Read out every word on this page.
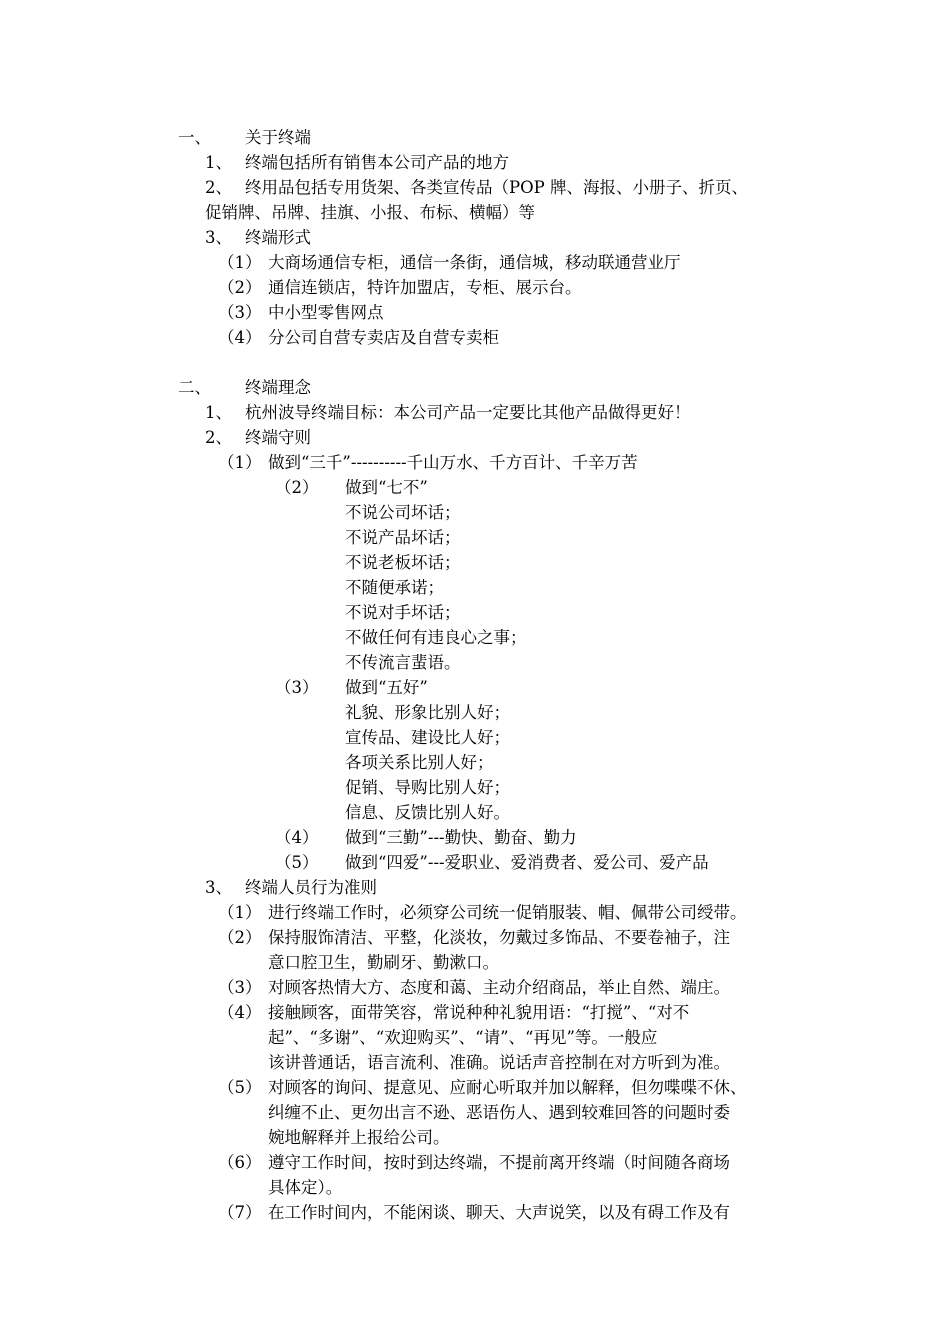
一、 关于终端
1、 终端包括所有销售本公司产品的地方
2、 终用品包括专用货架、各类宣传品（POP 牌、海报、小册子、折页、
促销牌、吊牌、挂旗、小报、布标、横幅）等
3、 终端形式
（1） 大商场通信专柜，通信一条街，通信城，移动联通营业厅
（2） 通信连锁店，特许加盟店，专柜、展示台。
（3） 中小型零售网点
（4） 分公司自营专卖店及自营专卖柜
二、 终端理念
1、 杭州波导终端目标：本公司产品一定要比其他产品做得更好！
2、 终端守则
（1） 做到“三千”----------千山万水、千方百计、千辛万苦
（2） 做到“七不”
不说公司坏话；
不说产品坏话；
不说老板坏话；
不随便承诺；
不说对手坏话；
不做任何有违良心之事；
不传流言蜚语。
（3） 做到“五好”
礼貌、形象比别人好；
宣传品、建设比人好；
各项关系比别人好；
促销、导购比别人好；
信息、反馈比别人好。
（4） 做到“三勤”---勤快、勤奋、勤力
（5） 做到“四爱”---爱职业、爱消费者、爱公司、爱产品
3、 终端人员行为准则
（1） 进行终端工作时，必须穿公司统一促销服装、帽、佩带公司绶带。
（2） 保持服饰清洁、平整，化淡妆，勿戴过多饰品、不要卷袖子，注
意口腔卫生，勤刷牙、勤漱口。
（3） 对顾客热情大方、态度和蔼、主动介绍商品，举止自然、端庄。
（4） 接触顾客，面带笑容，常说种种礼貌用语：“打搅”、“对不
起”、“多谢”、“欢迎购买”、“请”、“再见”等。一般应
该讲普通话，语言流利、准确。说话声音控制在对方听到为准。
（5） 对顾客的询问、提意见、应耐心听取并加以解释，但勿喋喋不休、
纠缠不止、更勿出言不逊、恶语伤人、遇到较难回答的问题时委
婉地解释并上报给公司。
（6） 遵守工作时间，按时到达终端，不提前离开终端（时间随各商场
具体定）。
（7） 在工作时间内，不能闲谈、聊天、大声说笑，以及有碍工作及有
